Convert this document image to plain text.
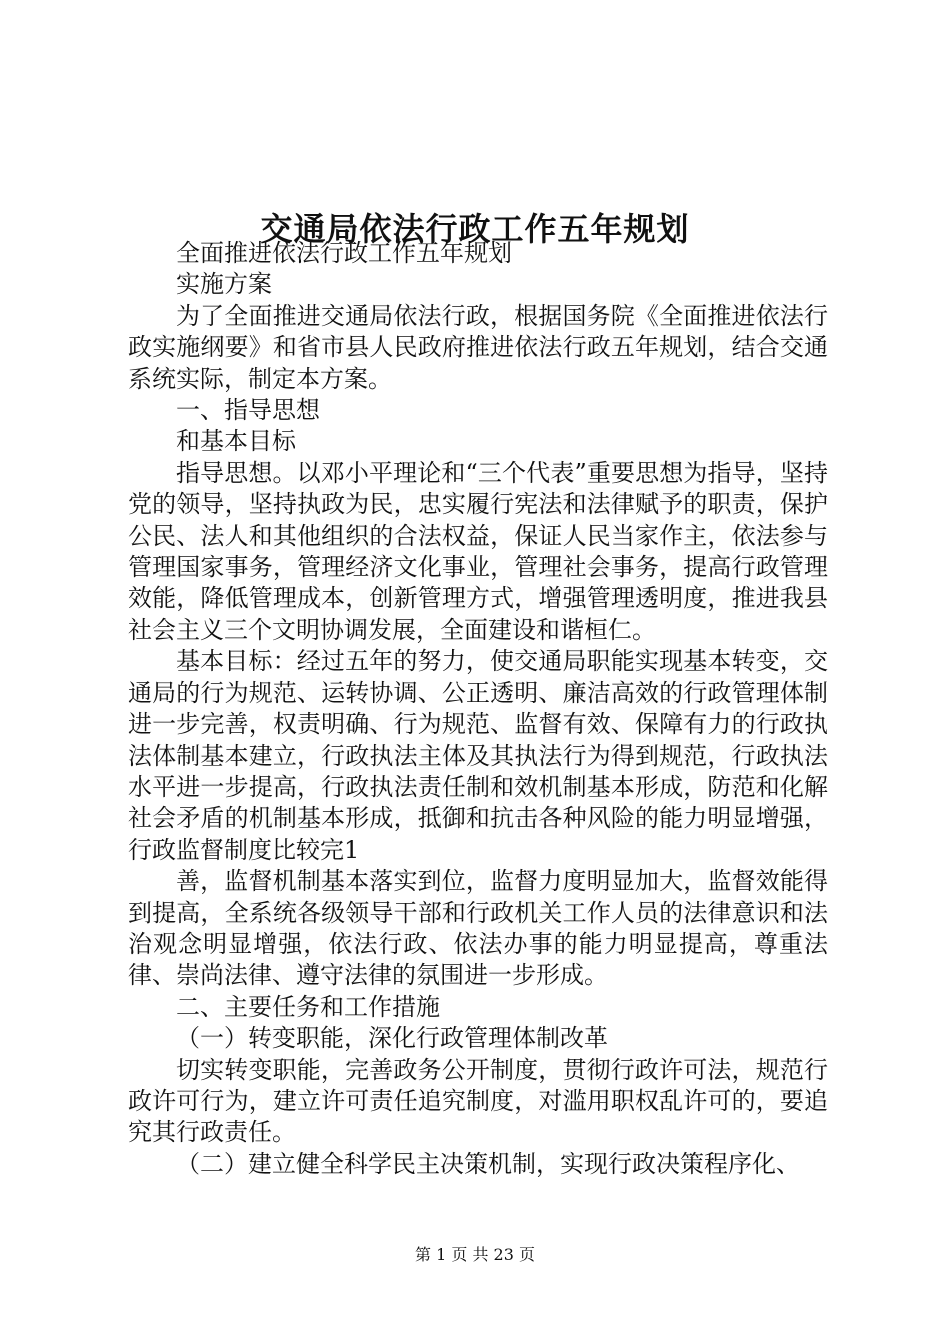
交通局依法行政工作五年规划

全面推进依法行政工作五年规划

实施方案

为了全面推进交通局依法行政，根据国务院《全面推进依法行政实施纲要》和省市县人民政府推进依法行政五年规划，结合交通系统实际，制定本方案。

一、指导思想

和基本目标

指导思想。以邓小平理论和“三个代表”重要思想为指导，坚持党的领导，坚持执政为民，忠实履行宪法和法律赋予的职责，保护公民、法人和其他组织的合法权益，保证人民当家作主，依法参与管理国家事务，管理经济文化事业，管理社会事务，提高行政管理效能，降低管理成本，创新管理方式，增强管理透明度，推进我县社会主义三个文明协调发展，全面建设和谐桓仁。

基本目标：经过五年的努力，使交通局职能实现基本转变，交通局的行为规范、运转协调、公正透明、廉洁高效的行政管理体制进一步完善，权责明确、行为规范、监督有效、保障有力的行政执法体制基本建立，行政执法主体及其执法行为得到规范，行政执法水平进一步提高，行政执法责任制和效机制基本形成，防范和化解社会矛盾的机制基本形成，抵御和抗击各种风险的能力明显增强，行政监督制度比较完1

善，监督机制基本落实到位，监督力度明显加大，监督效能得到提高，全系统各级领导干部和行政机关工作人员的法律意识和法治观念明显增强，依法行政、依法办事的能力明显提高，尊重法律、崇尚法律、遵守法律的氛围进一步形成。

二、主要任务和工作措施

（一）转变职能，深化行政管理体制改革

切实转变职能，完善政务公开制度，贯彻行政许可法，规范行政许可行为，建立许可责任追究制度，对滥用职权乱许可的，要追究其行政责任。

（二）建立健全科学民主决策机制，实现行政决策程序化、

第 1 页 共 23 页
